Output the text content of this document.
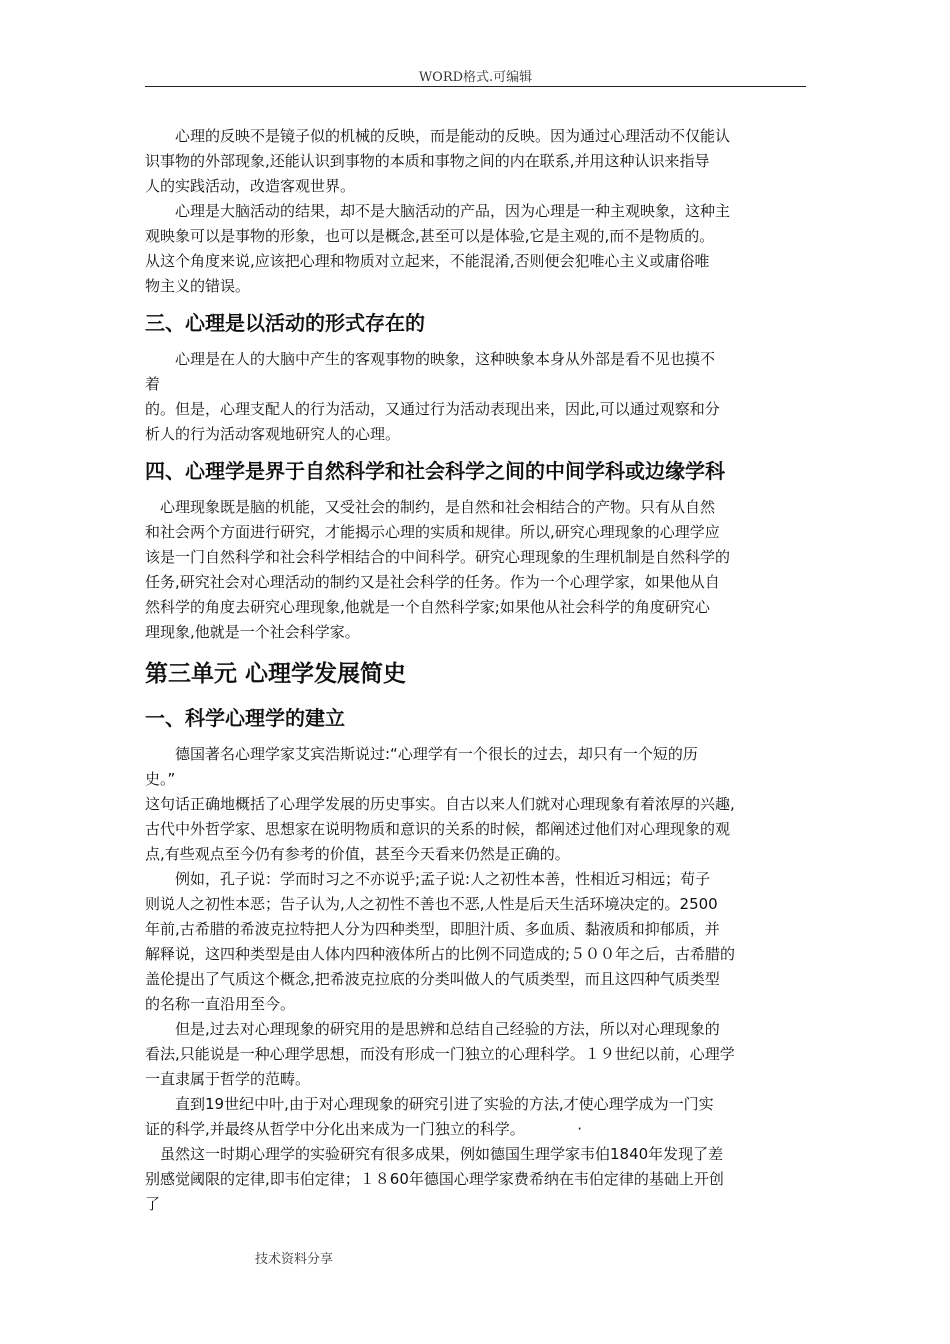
WORD格式.可编辑
　　心理的反映不是镜子似的机械的反映，而是能动的反映。因为通过心理活动不仅能认
识事物的外部现象,还能认识到事物的本质和事物之间的内在联系,并用这种认识来指导
人的实践活动，改造客观世界。
　　心理是大脑活动的结果，却不是大脑活动的产品，因为心理是一种主观映象，这种主
观映象可以是事物的形象，也可以是概念,甚至可以是体验,它是主观的,而不是物质的。
从这个角度来说,应该把心理和物质对立起来，不能混淆,否则便会犯唯心主义或庸俗唯
物主义的错误。
三、心理是以活动的形式存在的
　　心理是在人的大脑中产生的客观事物的映象，这种映象本身从外部是看不见也摸不
着
的。但是，心理支配人的行为活动，又通过行为活动表现出来，因此,可以通过观察和分
析人的行为活动客观地研究人的心理。
四、心理学是界于自然科学和社会科学之间的中间学科或边缘学科
　心理现象既是脑的机能，又受社会的制约，是自然和社会相结合的产物。只有从自然
和社会两个方面进行研究，才能揭示心理的实质和规律。所以,研究心理现象的心理学应
该是一门自然科学和社会科学相结合的中间科学。研究心理现象的生理机制是自然科学的
任务,研究社会对心理活动的制约又是社会科学的任务。作为一个心理学家，如果他从自
然科学的角度去研究心理现象,他就是一个自然科学家;如果他从社会科学的角度研究心
理现象,他就是一个社会科学家。
第三单元 心理学发展简史
一、科学心理学的建立
　　德国著名心理学家艾宾浩斯说过:“心理学有一个很长的过去，却只有一个短的历
史。”
这句话正确地概括了心理学发展的历史事实。自古以来人们就对心理现象有着浓厚的兴趣,
古代中外哲学家、思想家在说明物质和意识的关系的时候，都阐述过他们对心理现象的观
点,有些观点至今仍有参考的价值，甚至今天看来仍然是正确的。
　　例如，孔子说：学而时习之不亦说乎;孟子说:人之初性本善，性相近习相远；荀子
则说人之初性本恶；告子认为,人之初性不善也不恶,人性是后天生活环境决定的。2500
年前,古希腊的希波克拉特把人分为四种类型，即胆汁质、多血质、黏液质和抑郁质，并
解释说，这四种类型是由人体内四种液体所占的比例不同造成的;５００年之后，古希腊的
盖伦提出了气质这个概念,把希波克拉底的分类叫做人的气质类型，而且这四种气质类型
的名称一直沿用至今。
　　但是,过去对心理现象的研究用的是思辨和总结自己经验的方法，所以对心理现象的
看法,只能说是一种心理学思想，而没有形成一门独立的心理科学。１９世纪以前，心理学
一直隶属于哲学的范畴。
　　直到19世纪中叶,由于对心理现象的研究引进了实验的方法,才使心理学成为一门实
证的科学,并最终从哲学中分化出来成为一门独立的科学。　　　　·
　虽然这一时期心理学的实验研究有很多成果，例如德国生理学家韦伯1840年发现了差
别感觉阈限的定律,即韦伯定律；１８60年德国心理学家费希纳在韦伯定律的基础上开创
了
技术资料分享
